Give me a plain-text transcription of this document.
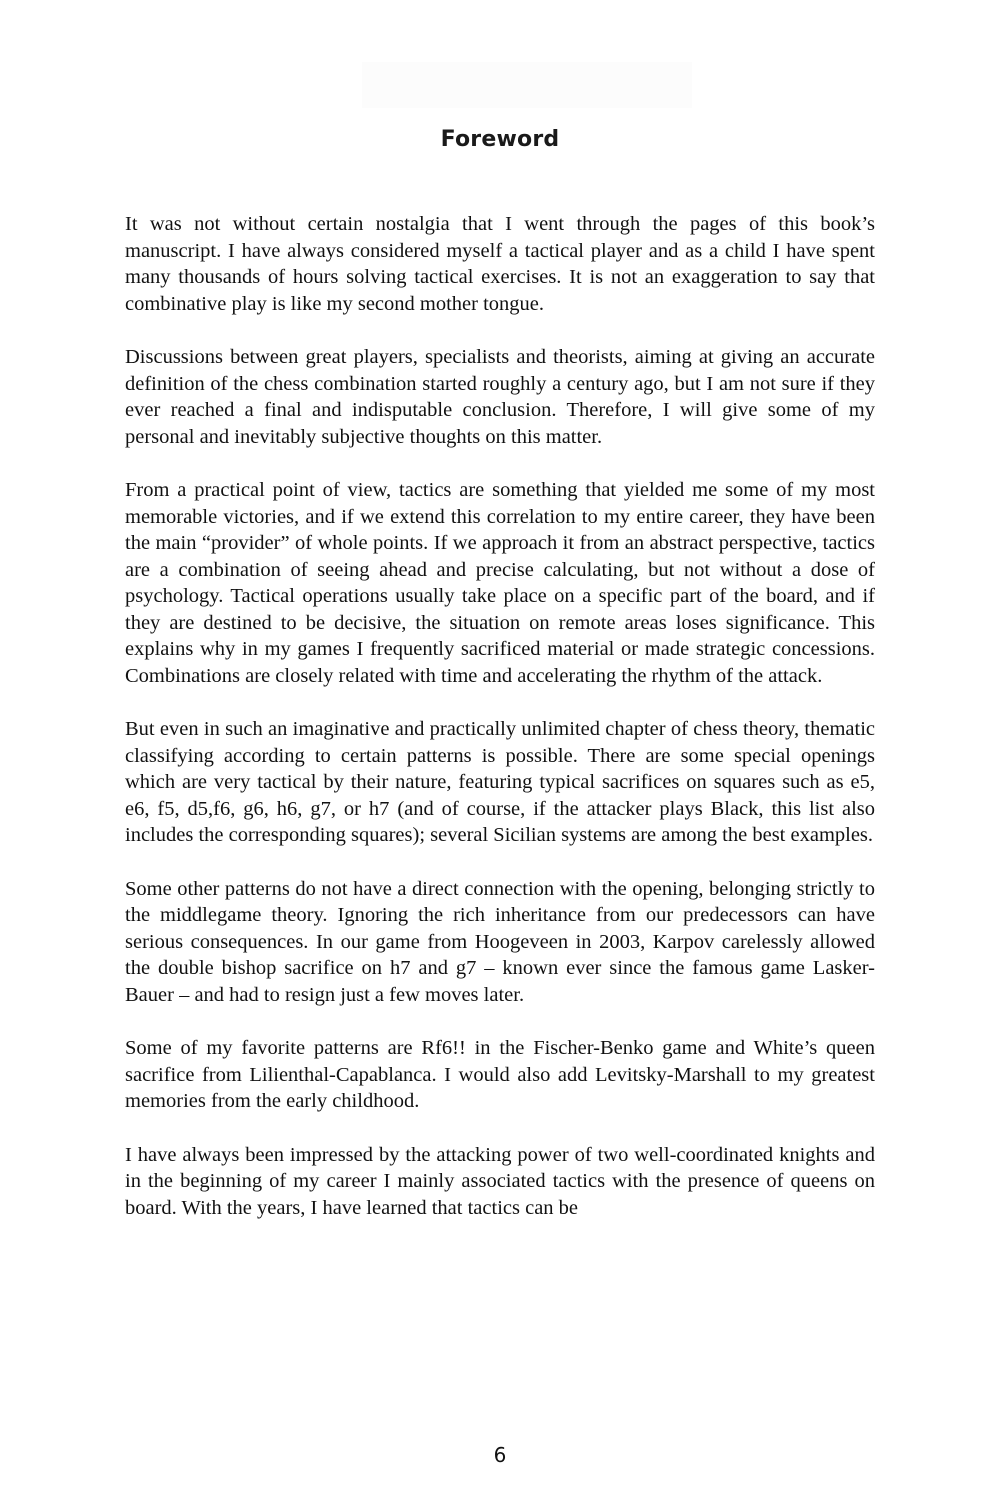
Foreword

It was not without certain nostalgia that I went through the pages of this book’s manuscript. I have always considered myself a tactical player and as a child I have spent many thousands of hours solving tactical exercises. It is not an exaggeration to say that combinative play is like my second mother tongue.

Discussions between great players, specialists and theorists, aiming at giving an accurate definition of the chess combination started roughly a century ago, but I am not sure if they ever reached a final and indisputable conclusion. Therefore, I will give some of my personal and inevitably subjective thoughts on this matter.

From a practical point of view, tactics are something that yielded me some of my most memorable victories, and if we extend this correlation to my entire career, they have been the main “provider” of whole points. If we approach it from an abstract perspective, tactics are a combination of seeing ahead and precise calculating, but not without a dose of psychology. Tactical operations usually take place on a specific part of the board, and if they are destined to be decisive, the situation on remote areas loses significance. This explains why in my games I frequently sacrificed material or made strategic concessions. Combinations are closely related with time and accelerating the rhythm of the attack.

But even in such an imaginative and practically unlimited chapter of chess theory, thematic classifying according to certain patterns is possible. There are some special openings which are very tactical by their nature, featuring typical sacrifices on squares such as e5, e6, f5, d5,f6, g6, h6, g7, or h7 (and of course, if the attacker plays Black, this list also includes the corresponding squares); several Sicilian systems are among the best examples.

Some other patterns do not have a direct connection with the opening, belonging strictly to the middlegame theory. Ignoring the rich inheritance from our predecessors can have serious consequences. In our game from Hoogeveen in 2003, Karpov carelessly allowed the double bishop sacrifice on h7 and g7 – known ever since the famous game Lasker-Bauer – and had to resign just a few moves later.

Some of my favorite patterns are Rf6!! in the Fischer-Benko game and White’s queen sacrifice from Lilienthal-Capablanca. I would also add Levitsky-Marshall to my greatest memories from the early childhood.

I have always been impressed by the attacking power of two well-coordinated knights and in the beginning of my career I mainly associated tactics with the presence of queens on board. With the years, I have learned that tactics can be

6
